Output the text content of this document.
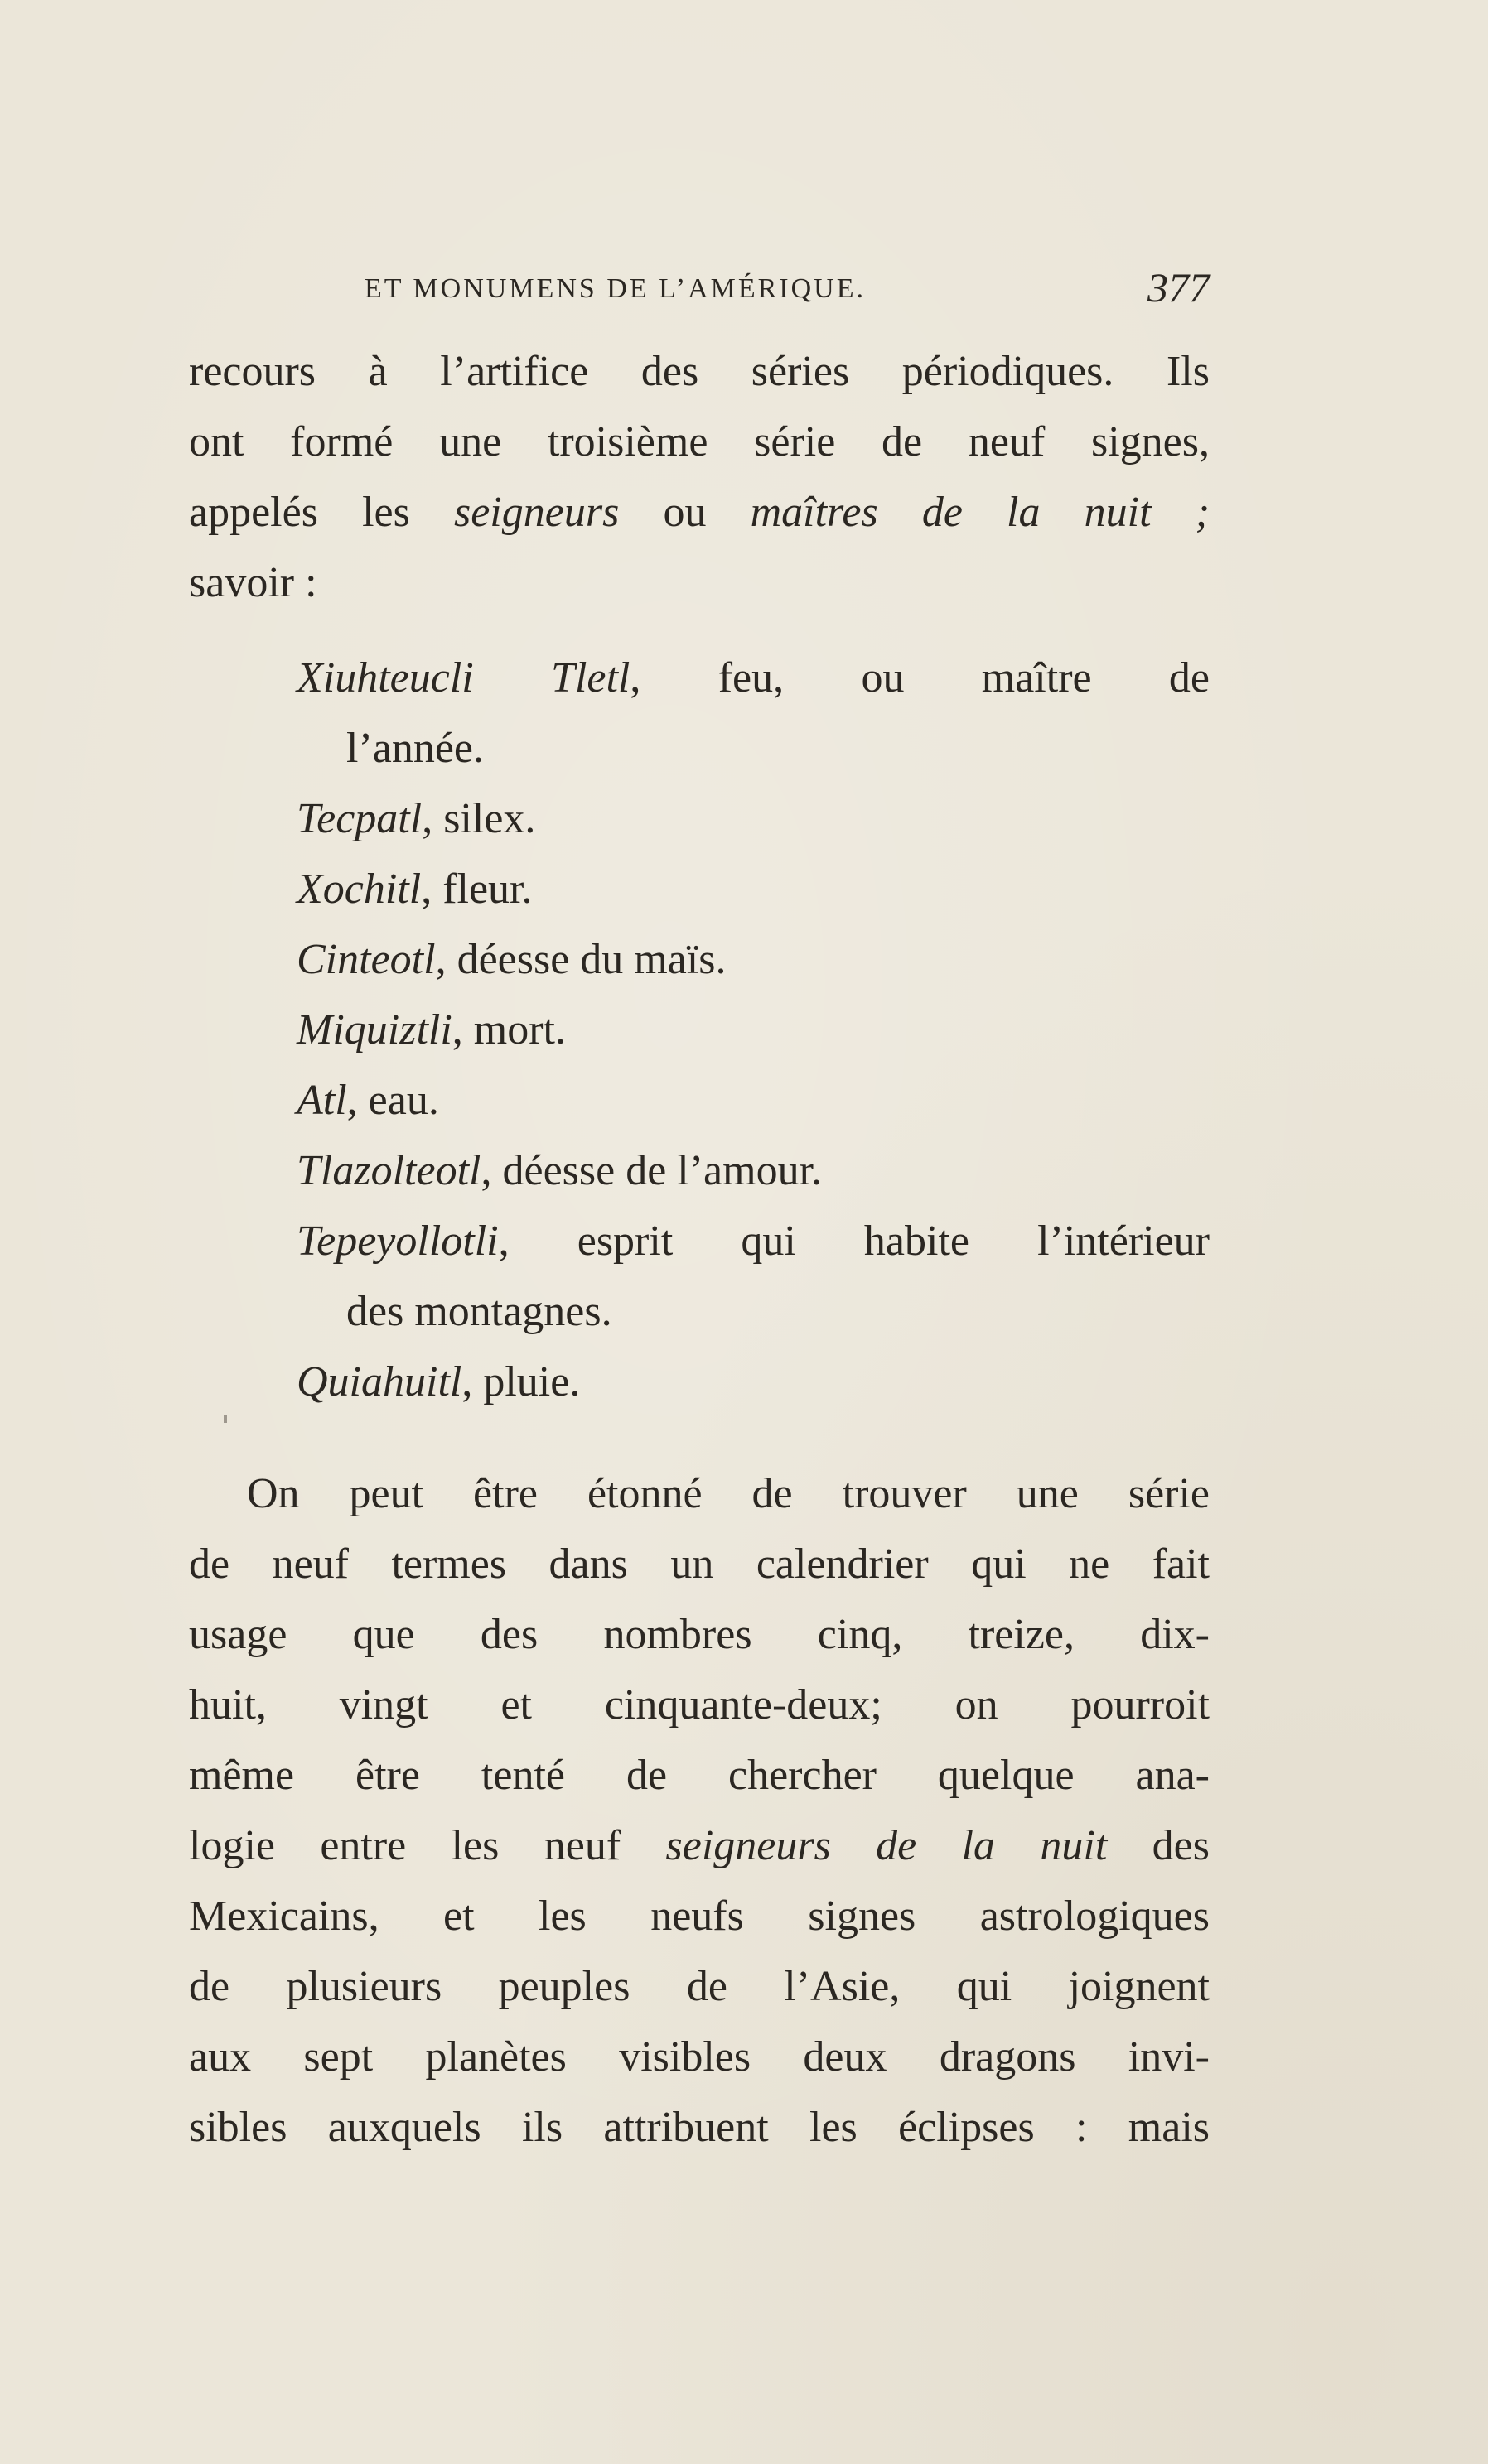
ET MONUMENS DE L’AMÉRIQUE.	377
recours à l’artifice des séries périodiques. Ils
ont formé une troisième série de neuf signes,
appelés les seigneurs ou maîtres de la nuit ;
savoir :
Xiuhteucli Tletl, feu, ou maître de
l’année.
Tecpatl, silex.
Xochitl, fleur.
Cinteotl, déesse du maïs.
Miquiztli, mort.
Atl, eau.
Tlazolteotl, déesse de l’amour.
Tepeyollotli, esprit qui habite l’intérieur
des montagnes.
Quiahuitl, pluie.
On peut être étonné de trouver une série
de neuf termes dans un calendrier qui ne fait
usage que des nombres cinq, treize, dix-
huit, vingt et cinquante-deux; on pourroit
même être tenté de chercher quelque ana-
logie entre les neuf seigneurs de la nuit des
Mexicains, et les neufs signes astrologiques
de plusieurs peuples de l’Asie, qui joignent
aux sept planètes visibles deux dragons invi-
sibles auxquels ils attribuent les éclipses : mais
